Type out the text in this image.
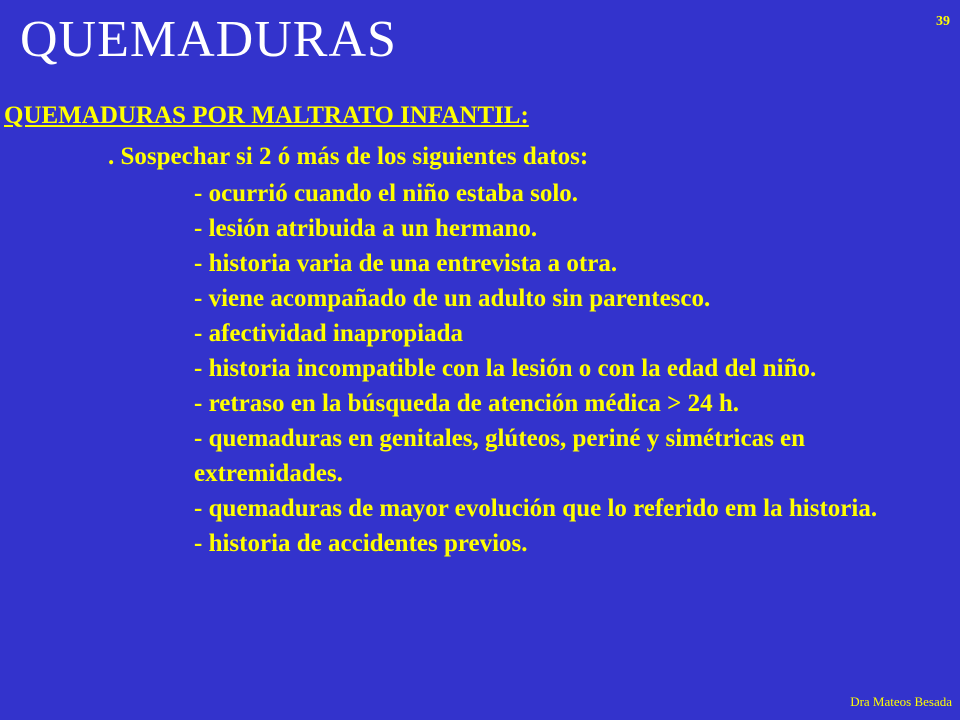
QUEMADURAS	39
QUEMADURAS POR MALTRATO INFANTIL:
. Sospechar si 2 ó más de los siguientes datos:
- ocurrió cuando el niño estaba solo.
- lesión atribuida a un hermano.
- historia varia de una entrevista a otra.
- viene acompañado de un adulto sin parentesco.
- afectividad inapropiada
- historia incompatible con la lesión o con la edad del niño.
- retraso en la búsqueda de atención médica > 24 h.
- quemaduras en genitales, glúteos, periné y simétricas en extremidades.
- quemaduras de mayor evolución que lo referido em la historia.
- historia de accidentes previos.
Dra Mateos Besada
